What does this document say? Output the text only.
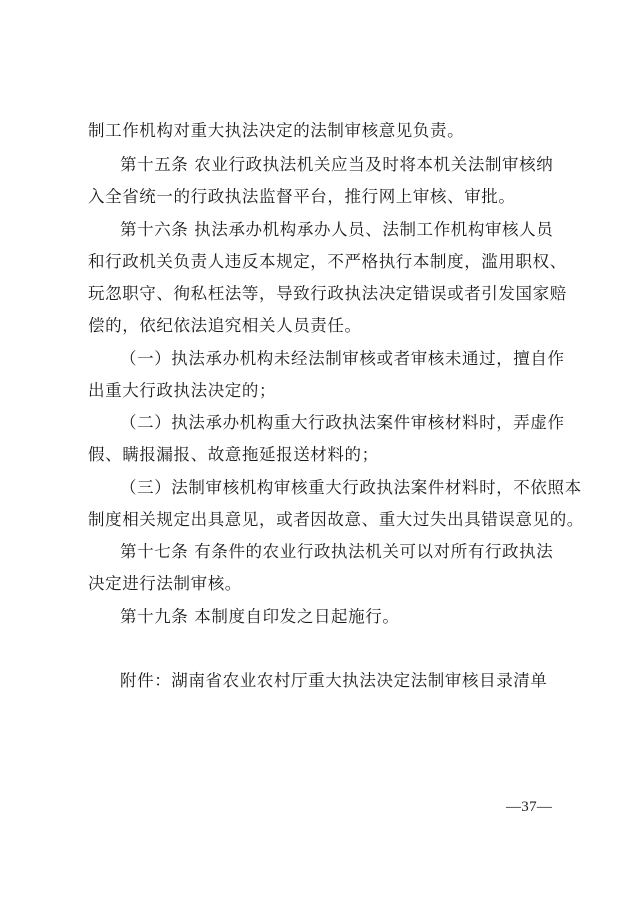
制工作机构对重大执法决定的法制审核意见负责。
第十五条 农业行政执法机关应当及时将本机关法制审核纳
入全省统一的行政执法监督平台，推行网上审核、审批。
第十六条 执法承办机构承办人员、法制工作机构审核人员
和行政机关负责人违反本规定，不严格执行本制度，滥用职权、
玩忽职守、徇私枉法等，导致行政执法决定错误或者引发国家赔
偿的，依纪依法追究相关人员责任。
（一）执法承办机构未经法制审核或者审核未通过，擅自作
出重大行政执法决定的；
（二）执法承办机构重大行政执法案件审核材料时，弄虚作
假、瞒报漏报、故意拖延报送材料的；
（三）法制审核机构审核重大行政执法案件材料时，不依照本
制度相关规定出具意见，或者因故意、重大过失出具错误意见的。
第十七条 有条件的农业行政执法机关可以对所有行政执法
决定进行法制审核。
第十九条 本制度自印发之日起施行。
附件：湖南省农业农村厅重大执法决定法制审核目录清单
—37—
